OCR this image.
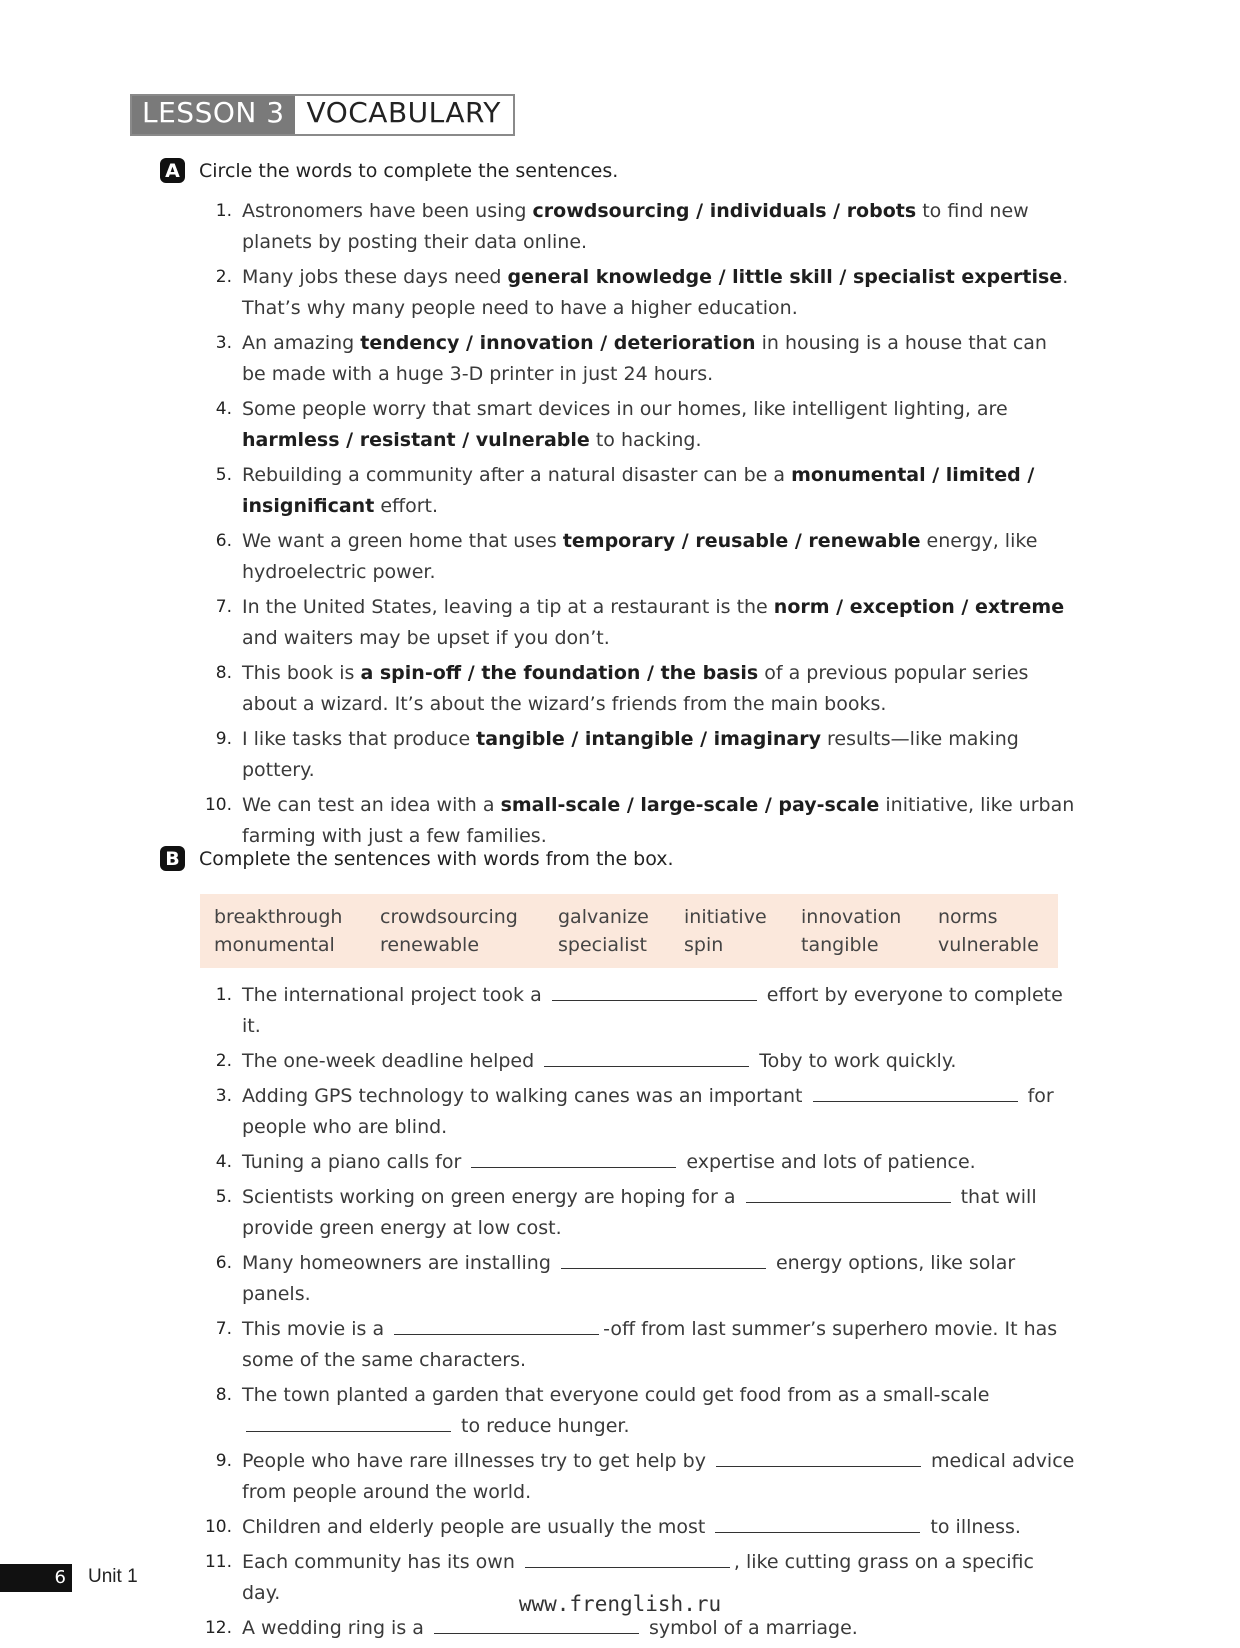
LESSON 3 VOCABULARY
A Circle the words to complete the sentences.
1. Astronomers have been using crowdsourcing / individuals / robots to find new planets by posting their data online.
2. Many jobs these days need general knowledge / little skill / specialist expertise. That’s why many people need to have a higher education.
3. An amazing tendency / innovation / deterioration in housing is a house that can be made with a huge 3-D printer in just 24 hours.
4. Some people worry that smart devices in our homes, like intelligent lighting, are harmless / resistant / vulnerable to hacking.
5. Rebuilding a community after a natural disaster can be a monumental / limited / insignificant effort.
6. We want a green home that uses temporary / reusable / renewable energy, like hydroelectric power.
7. In the United States, leaving a tip at a restaurant is the norm / exception / extreme and waiters may be upset if you don’t.
8. This book is a spin-off / the foundation / the basis of a previous popular series about a wizard. It’s about the wizard’s friends from the main books.
9. I like tasks that produce tangible / intangible / imaginary results—like making pottery.
10. We can test an idea with a small-scale / large-scale / pay-scale initiative, like urban farming with just a few families.
B Complete the sentences with words from the box.
breakthrough crowdsourcing galvanize initiative innovation norms
monumental renewable	specialist spin	tangible	vulnerable
1. The international project took a	effort by everyone to complete it.
2. The one-week deadline helped	Toby to work quickly.
3. Adding GPS technology to walking canes was an important	for people who are blind.
4. Tuning a piano calls for	expertise and lots of patience.
5. Scientists working on green energy are hoping for a	that will provide green energy at low cost.
6. Many homeowners are installing	energy options, like solar panels.
7. This movie is a	-off from last summer’s superhero movie. It has some of the same characters.
8. The town planted a garden that everyone could get food from as a small-scale  to reduce hunger.
9. People who have rare illnesses try to get help by	medical advice from people around the world.
10. Children and elderly people are usually the most	to illness.
11. Each community has its own	, like cutting grass on a specific day.
12. A wedding ring is a	symbol of a marriage.
6	Unit 1
www.frenglish.ru
